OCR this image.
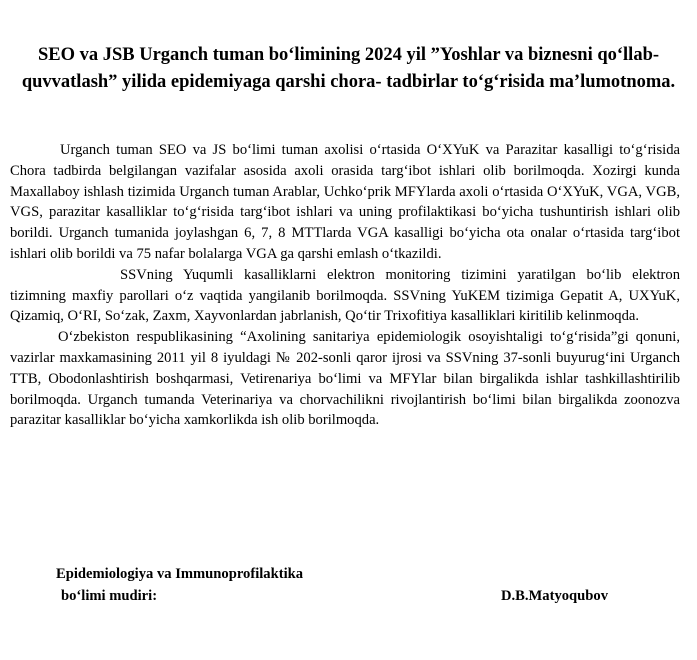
SEO va JSB Urganch tuman bo‘limining 2024 yil ”Yoshlar va biznesni qo‘llab-quvvatlash” yilida epidemiyaga qarshi chora- tadbirlar to‘g‘risida ma’lumotnoma.

Urganch tuman SEO va JS bo‘limi tuman axolisi o‘rtasida O‘XYuK va Parazitar kasalligi to‘g‘risida Chora tadbirda belgilangan vazifalar asosida axoli orasida targ‘ibot ishlari olib borilmoqda. Xozirgi kunda Maxallaboy ishlash tizimida Urganch tuman Arablar, Uchko‘prik MFYlarda axoli o‘rtasida O‘XYuK, VGA, VGB, VGS, parazitar kasalliklar to‘g‘risida targ‘ibot ishlari va uning profilaktikasi bo‘yicha tushuntirish ishlari olib borildi. Urganch tumanida joylashgan 6, 7, 8 MTTlarda VGA kasalligi bo‘yicha ota onalar o‘rtasida targ‘ibot ishlari olib borildi va 75 nafar bolalarga VGA ga qarshi emlash o‘tkazildi.

SSVning Yuqumli kasalliklarni elektron monitoring tizimini yaratilgan bo‘lib elektron tizimning maxfiy parollari o‘z vaqtida yangilanib borilmoqda. SSVning YuKEM tizimiga Gepatit A, UXYuK, Qizamiq, O‘RI, So‘zak, Zaxm, Xayvonlardan jabrlanish, Qo‘tir Trixofitiya kasalliklari kiritilib kelinmoqda.

O‘zbekiston respublikasining “Axolining sanitariya epidemiologik osoyishtaligi to‘g‘risida”gi qonuni, vazirlar maxkamasining 2011 yil 8 iyuldagi № 202-sonli qaror ijrosi va SSVning 37-sonli buyurug‘ini Urganch TTB, Obodonlashtirish boshqarmasi, Vetirenariya bo‘limi va MFYlar bilan birgalikda ishlar tashkillashtirilib borilmoqda. Urganch tumanda Veterinariya va chorvachilikni rivojlantirish bo‘limi bilan birgalikda zoonozva parazitar kasalliklar bo‘yicha xamkorlikda ish olib borilmoqda.

Epidemiologiya va Immunoprofilaktika
bo‘limi mudiri:	D.B.Matyoqubov
